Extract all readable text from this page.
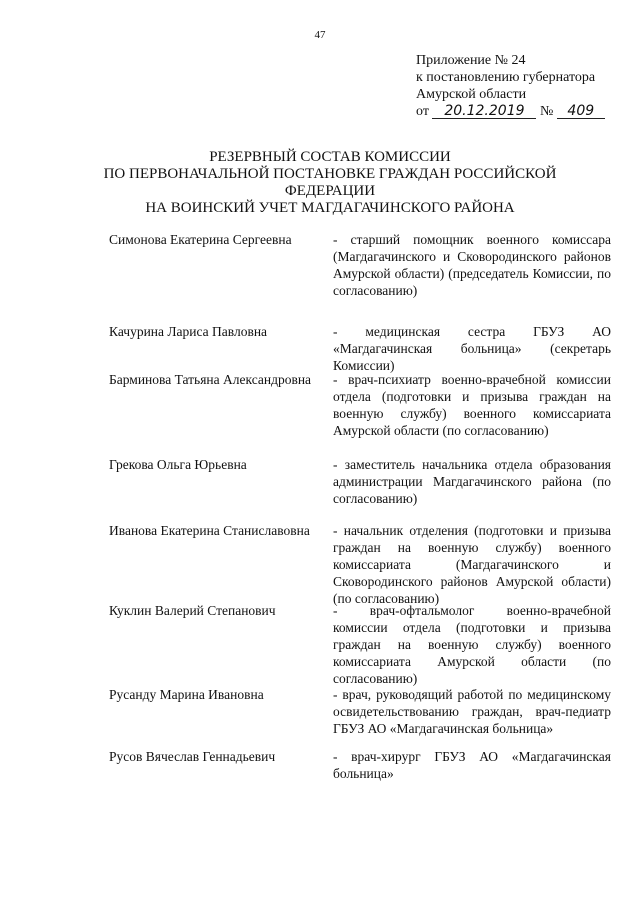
47
Приложение № 24
к постановлению губернатора
Амурской области
от 20.12.2019 № 409
РЕЗЕРВНЫЙ СОСТАВ КОМИССИИ
ПО ПЕРВОНАЧАЛЬНОЙ ПОСТАНОВКЕ ГРАЖДАН РОССИЙСКОЙ ФЕДЕРАЦИИ
НА ВОИНСКИЙ УЧЕТ МАГДАГАЧИНСКОГО РАЙОНА
Симонова Екатерина Сергеевна	- старший помощник военного комиссара (Магдагачинского и Сковородинского районов Амурской области) (председатель Комиссии, по согласованию)
Качурина Лариса Павловна	- медицинская сестра ГБУЗ АО «Магдагачинская больница» (секретарь Комиссии)
Барминова Татьяна Александровна	- врач-психиатр военно-врачебной комиссии отдела (подготовки и призыва граждан на военную службу) военного комиссариата Амурской области (по согласованию)
Грекова Ольга Юрьевна	- заместитель начальника отдела образования администрации Магдагачинского района (по согласованию)
Иванова Екатерина Станиславовна	- начальник отделения (подготовки и призыва граждан на военную службу) военного комиссариата (Магдагачинского и Сковородинского районов Амурской области) (по согласованию)
Куклин Валерий Степанович	- врач-офтальмолог военно-врачебной комиссии отдела (подготовки и призыва граждан на военную службу) военного комиссариата Амурской области (по согласованию)
Русанду Марина Ивановна	- врач, руководящий работой по медицинскому освидетельствованию граждан, врач-педиатр ГБУЗ АО «Магдагачинская больница»
Русов Вячеслав Геннадьевич	- врач-хирург ГБУЗ АО «Магдагачинская больница»
